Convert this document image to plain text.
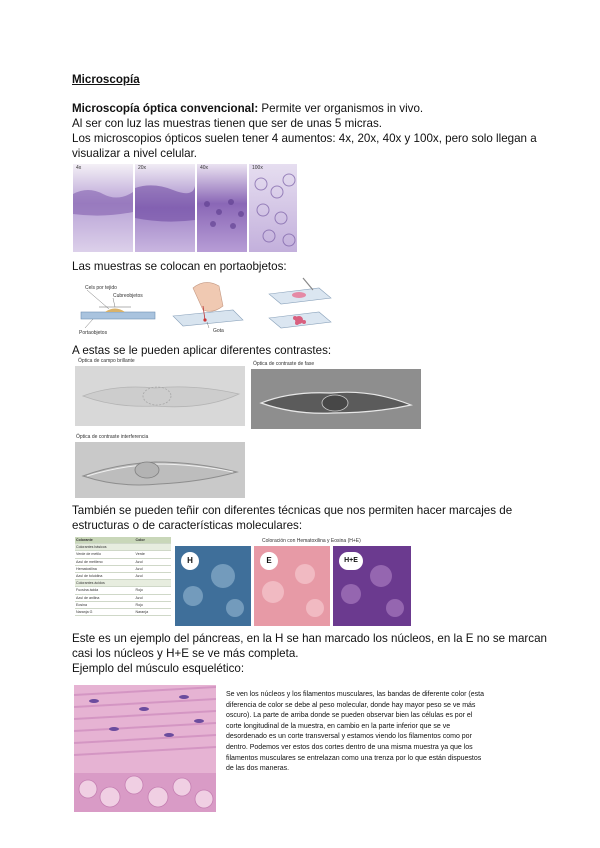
Microscopía
Microscopía óptica convencional: Permite ver organismos in vivo.
Al ser con luz las muestras tienen que ser de unas 5 micras.
Los microscopios ópticos suelen tener 4 aumentos: 4x, 20x, 40x y 100x, pero solo llegan a
visualizar a nivel celular.
4x	20x	40x	100x
Las muestras se colocan en portaobjetos:
Cels por tejido
Cubreobjetos
Portaobjetos	Gota
A estas se le pueden aplicar diferentes contrastes:
Óptica de campo brillante	Óptica de contraste de fase
Óptica de contraste interferencia
También se pueden teñir con diferentes técnicas que nos permiten hacer marcajes de
estructuras o de características moleculares:
Colorante	Color
Colorantes básicos	
Verde de metilo	Verde
Azul de metileno	Azul
Hematoxilina	Azul
Azul de toluidina	Azul
Colorantes ácidos	
Fucsina ácida	Rojo
Azul de anilina	Azul
Eosina	Rojo
Naranja G	Naranja
Coloración con Hematoxilina y Eosina (H+E)
H	E	H+E
Este es un ejemplo del páncreas, en la H se han marcado los núcleos, en la E no se marcan
casi los núcleos y H+E se ve más completa.
Ejemplo del músculo esquelético:
Se ven los núcleos y los filamentos musculares, las bandas de diferente color (esta
diferencia de color se debe al peso molecular, donde hay mayor peso se ve más
oscuro). La parte de arriba donde se pueden observar bien las células es por el
corte longitudinal de la muestra, en cambio en la parte inferior que se ve
desordenado es un corte transversal y estamos viendo los filamentos como por
dentro. Podemos ver estos dos cortes dentro de una misma muestra ya que los
filamentos musculares se entrelazan como una trenza por lo que están dispuestos
de las dos maneras.
